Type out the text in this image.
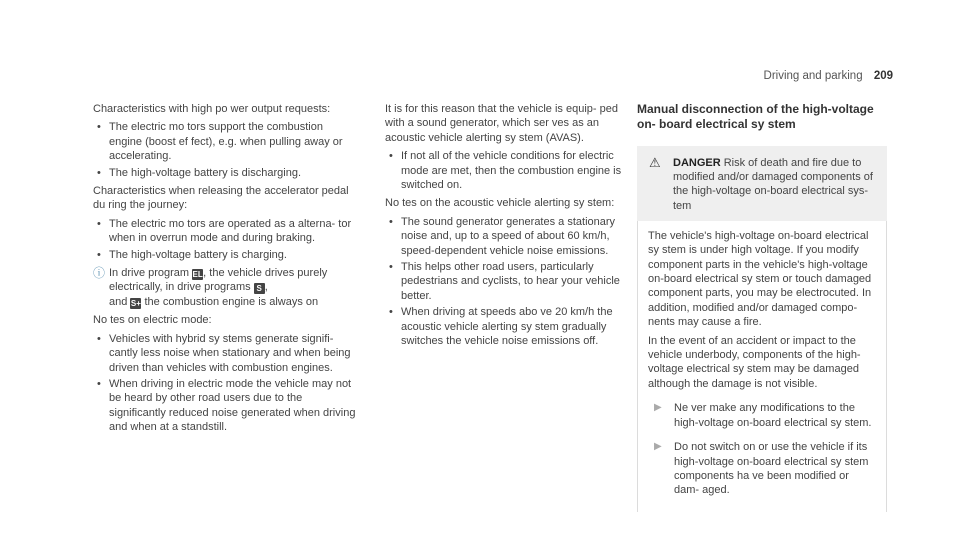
Driving and parking 209

Characteristics with high po wer output requests:

• The electric mo tors support the combustion engine (boost ef fect), e.g. when pulling away or accelerating.
• The high-voltage battery is discharging.

Characteristics when releasing the accelerator pedal du ring the journey:

• The electric mo tors are operated as a alterna‐ tor when in overrun mode and during braking.
• The high-voltage battery is charging.
ⓘ In drive program EL, the vehicle drives purely electrically, in drive programs S ,
and S+ the combustion engine is always on

No tes on electric mode:

• Vehicles with hybrid sy stems generate signifi‐ cantly less noise when stationary and when being driven than vehicles with combustion engines.
• When driving in electric mode the vehicle may not be heard by other road users due to the significantly reduced noise generated when driving and when at a standstill.

It is for this reason that the vehicle is equip‐ ped with a sound generator, which ser ves as an acoustic vehicle alerting sy stem (AVAS).

• If not all of the vehicle conditions for electric mode are met, then the combustion engine is switched on.

No tes on the acoustic vehicle alerting sy stem:

• The sound generator generates a stationary noise and, up to a speed of about 60 km/h, speed-dependent vehicle noise emissions.
• This helps other road users, particularly pedestrians and cyclists, to hear your vehicle better.
• When driving at speeds abo ve 20 km/h the acoustic vehicle alerting sy stem gradually switches the vehicle noise emissions off.
Manual disconnection of the high-voltage on- board electrical sy stem
⚠ DANGER Risk of death and fire due to modified and/or damaged components of the high-voltage on-board electrical sys‐ tem

The vehicle's high-voltage on-board electrical sy stem is under high voltage. If you modify component parts in the vehicle's high-voltage on-board electrical sy stem or touch damaged component parts, you may be electrocuted. In addition, modified and/or damaged compo‐ nents may cause a fire.

In the event of an accident or impact to the vehicle underbody, components of the high- voltage electrical sy stem may be damaged although the damage is not visible.

▶ Ne ver make any modifications to the high-voltage on-board electrical sy stem.
▶ Do not switch on or use the vehicle if its high-voltage on-board electrical sy stem components ha ve been modified or dam‐ aged.
